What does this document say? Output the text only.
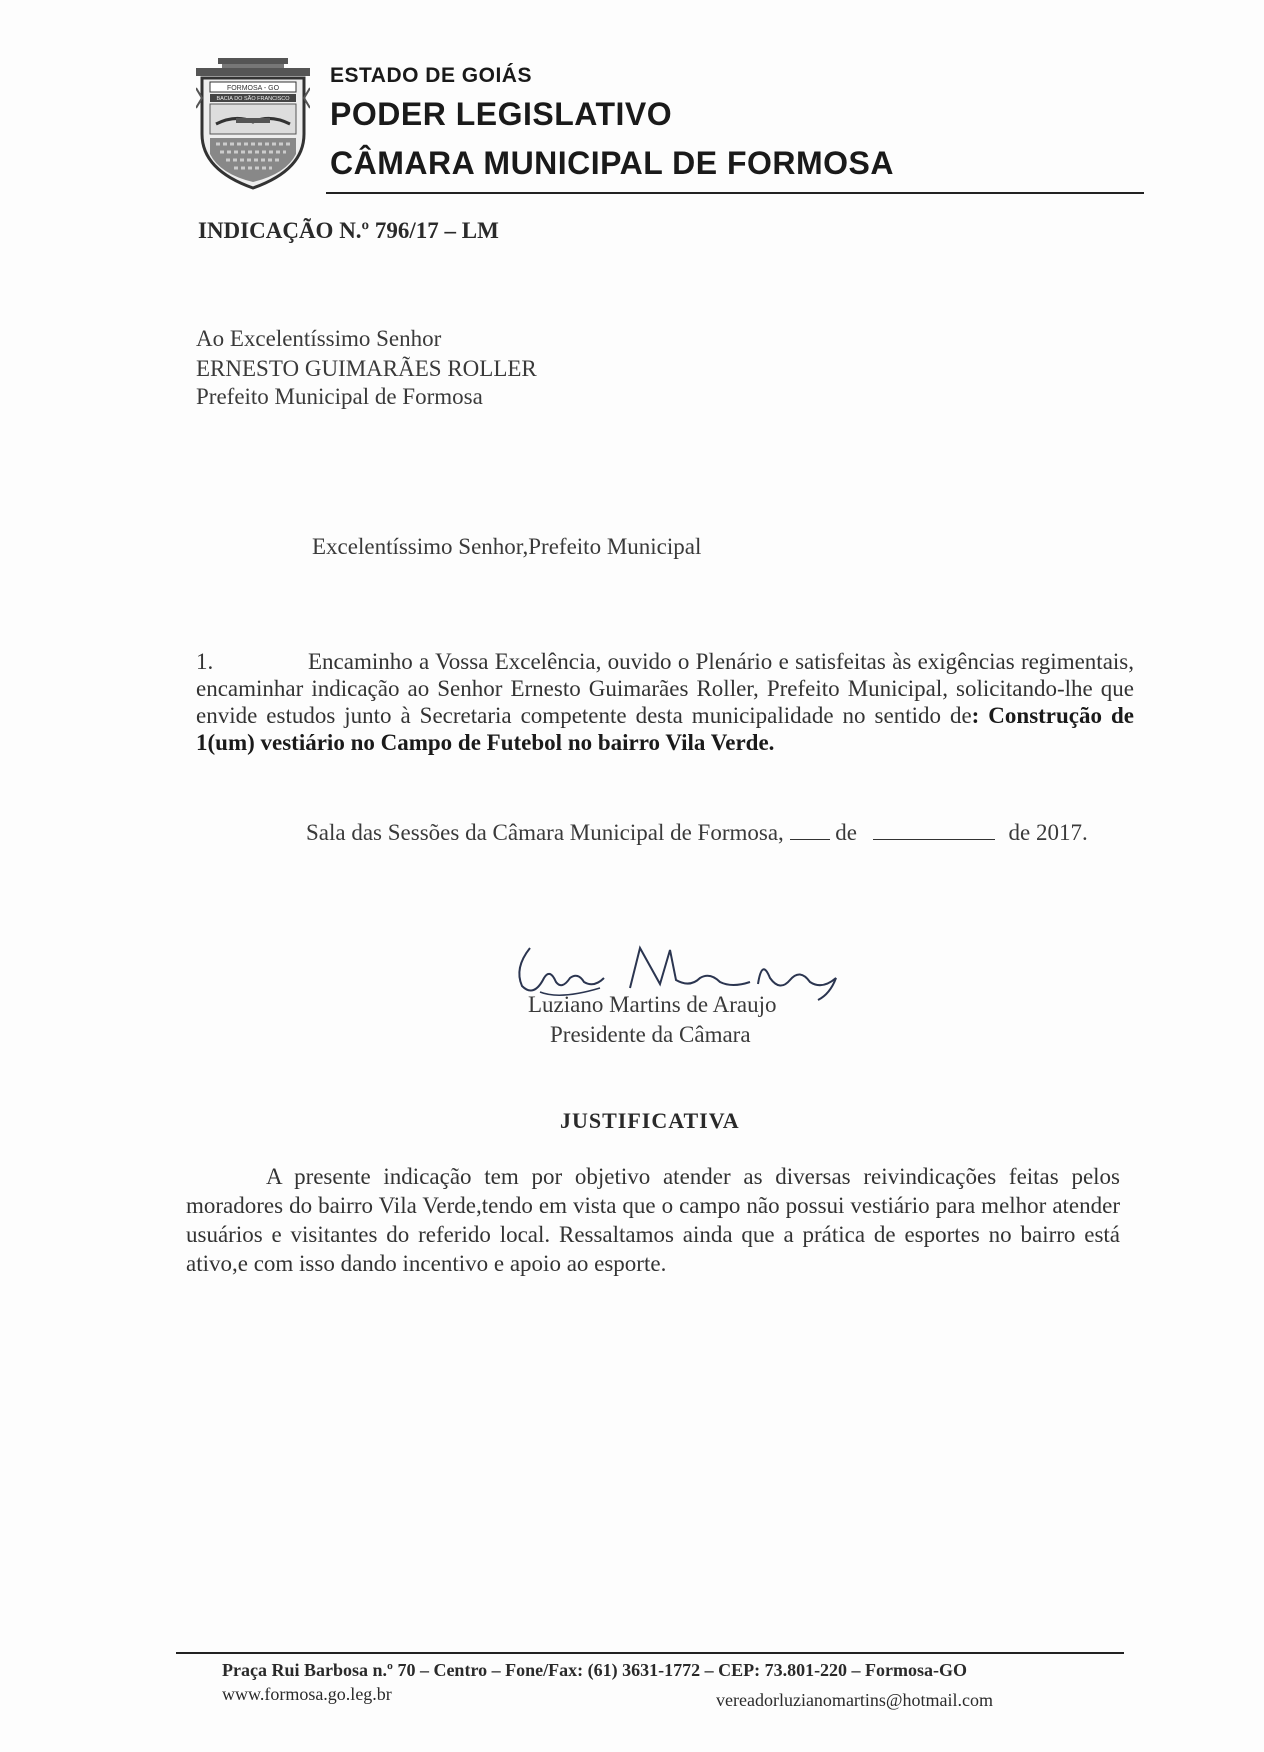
FORMOSA - GO
BACIA DO SÃO FRANCISCO
ESTADO DE GOIÁS
PODER LEGISLATIVO
CÂMARA MUNICIPAL DE FORMOSA
INDICAÇÃO N.º 796/17 – LM
Ao Excelentíssimo Senhor
ERNESTO GUIMARÃES ROLLER
Prefeito Municipal de Formosa
Excelentíssimo Senhor,Prefeito Municipal
1.	Encaminho a Vossa Excelência, ouvido o Plenário e satisfeitas às exigências regimentais, encaminhar indicação ao Senhor Ernesto Guimarães Roller, Prefeito Municipal, solicitando-lhe que envide estudos junto à Secretaria competente desta municipalidade no sentido de: Construção de 1(um) vestiário no Campo de Futebol no bairro Vila Verde.
Sala das Sessões da Câmara Municipal de Formosa, de	de 2017.
Luziano Martins de Araujo
Presidente da Câmara
JUSTIFICATIVA
A presente indicação tem por objetivo atender as diversas reivindicações feitas pelos moradores do bairro Vila Verde,tendo em vista que o campo não possui vestiário para melhor atender usuários e visitantes do referido local. Ressaltamos ainda que a prática de esportes no bairro está ativo,e com isso dando incentivo e apoio ao esporte.
Praça Rui Barbosa n.º 70 – Centro – Fone/Fax: (61) 3631-1772 – CEP: 73.801-220 – Formosa-GO
www.formosa.go.leg.br	vereadorluzianomartins@hotmail.com
